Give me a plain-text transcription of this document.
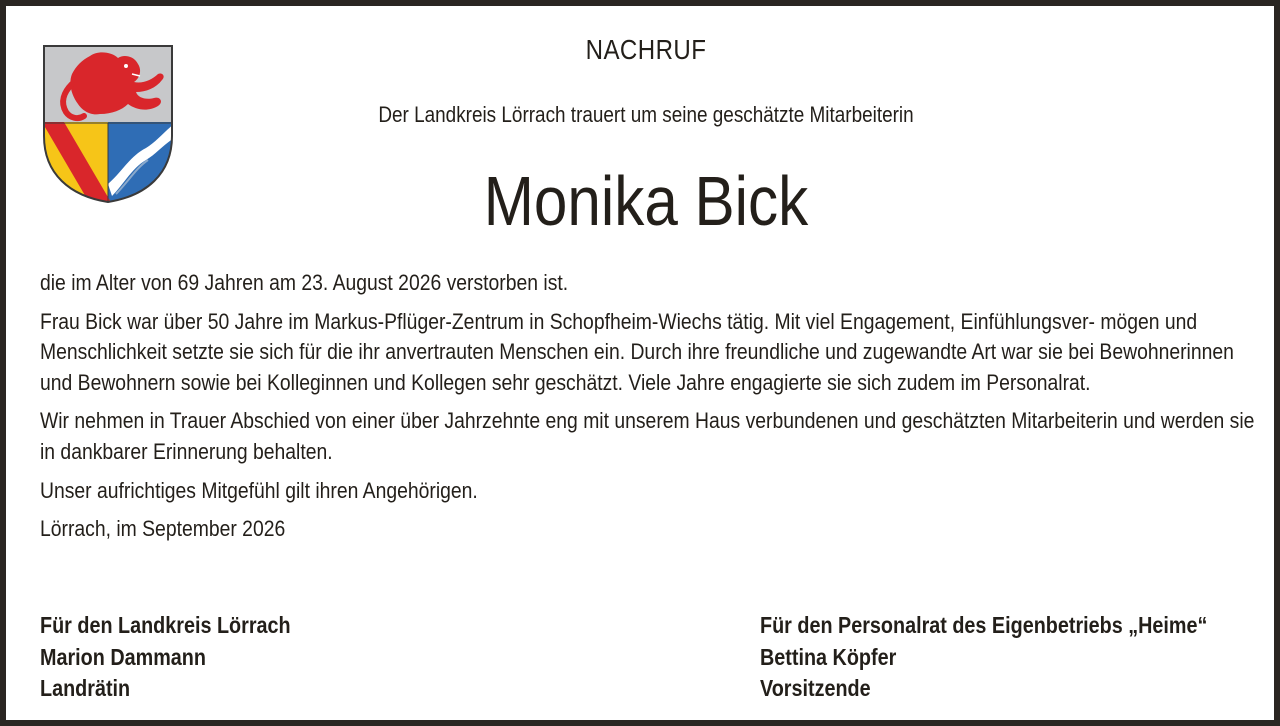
NACHRUF
Der Landkreis Lörrach trauert um seine geschätzte Mitarbeiterin
Monika Bick

die im Alter von 69 Jahren am 23. August 2026 verstorben ist.

Frau Bick war über 50 Jahre im Markus-Pflüger-Zentrum in Schopfheim-Wiechs tätig. Mit viel Engagement, Einfühlungsver- mögen und Menschlichkeit setzte sie sich für die ihr anvertrauten Menschen ein. Durch ihre freundliche und zugewandte Art war sie bei Bewohnerinnen und Bewohnern sowie bei Kolleginnen und Kollegen sehr geschätzt. Viele Jahre engagierte sie sich zudem im Personalrat.

Wir nehmen in Trauer Abschied von einer über Jahrzehnte eng mit unserem Haus verbundenen und geschätzten Mitarbeiterin und werden sie in dankbarer Erinnerung behalten.

Unser aufrichtiges Mitgefühl gilt ihren Angehörigen.

Lörrach, im September 2026

Für den Landkreis Lörrach
Marion Dammann
Landrätin
Für den Personalrat des Eigenbetriebs „Heime“
Bettina Köpfer
Vorsitzende
